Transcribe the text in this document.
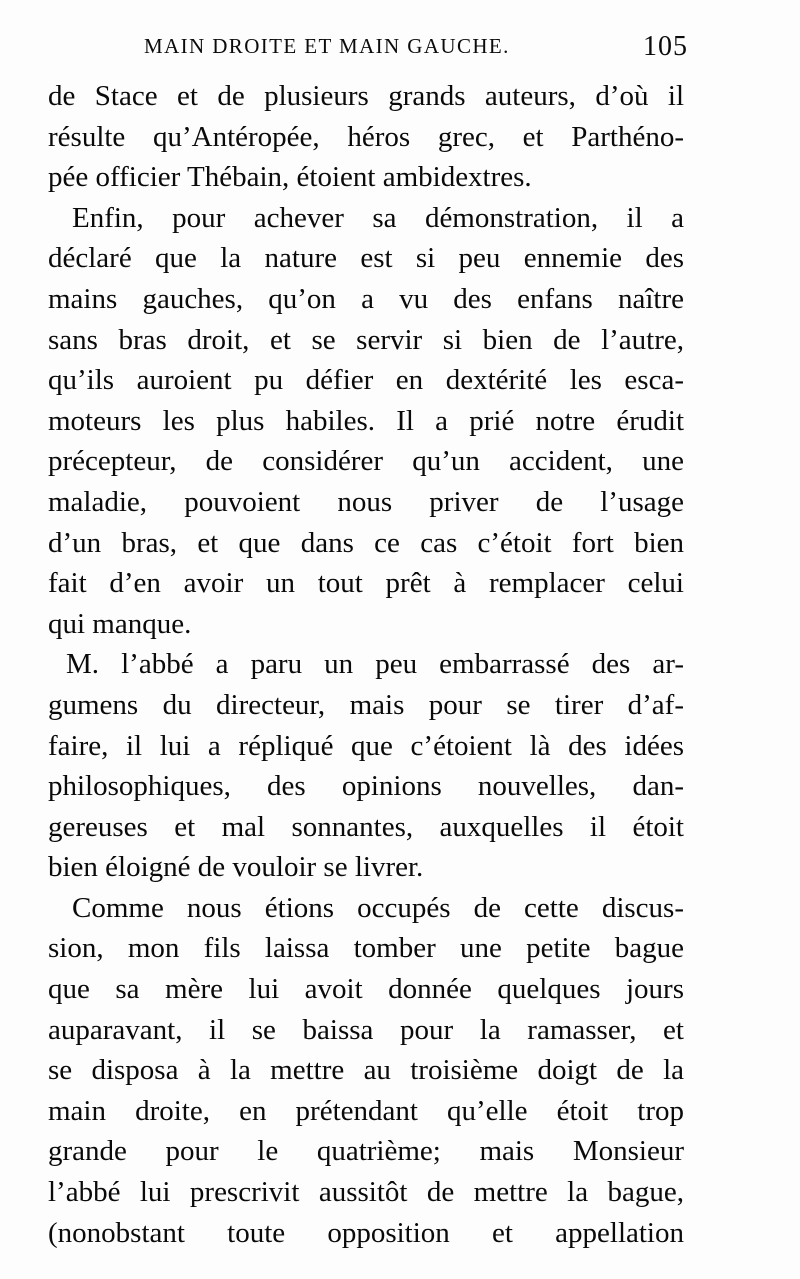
MAIN DROITE ET MAIN GAUCHE.	105
de Stace et de plusieurs grands auteurs, d’où il
résulte qu’Antéropée, héros grec, et Parthéno-
pée officier Thébain, étoient ambidextres.
Enfin, pour achever sa démonstration, il a
déclaré que la nature est si peu ennemie des
mains gauches, qu’on a vu des enfans naître
sans bras droit, et se servir si bien de l’autre,
qu’ils auroient pu défier en dextérité les esca-
moteurs les plus habiles. Il a prié notre érudit
précepteur, de considérer qu’un accident, une
maladie, pouvoient nous priver de l’usage
d’un bras, et que dans ce cas c’étoit fort bien
fait d’en avoir un tout prêt à remplacer celui
qui manque.
M. l’abbé a paru un peu embarrassé des ar-
gumens du directeur, mais pour se tirer d’af-
faire, il lui a répliqué que c’étoient là des idées
philosophiques, des opinions nouvelles, dan-
gereuses et mal sonnantes, auxquelles il étoit
bien éloigné de vouloir se livrer.
Comme nous étions occupés de cette discus-
sion, mon fils laissa tomber une petite bague
que sa mère lui avoit donnée quelques jours
auparavant, il se baissa pour la ramasser, et
se disposa à la mettre au troisième doigt de la
main droite, en prétendant qu’elle étoit trop
grande pour le quatrième; mais Monsieur
l’abbé lui prescrivit aussitôt de mettre la bague,
(nonobstant toute opposition et appellation
